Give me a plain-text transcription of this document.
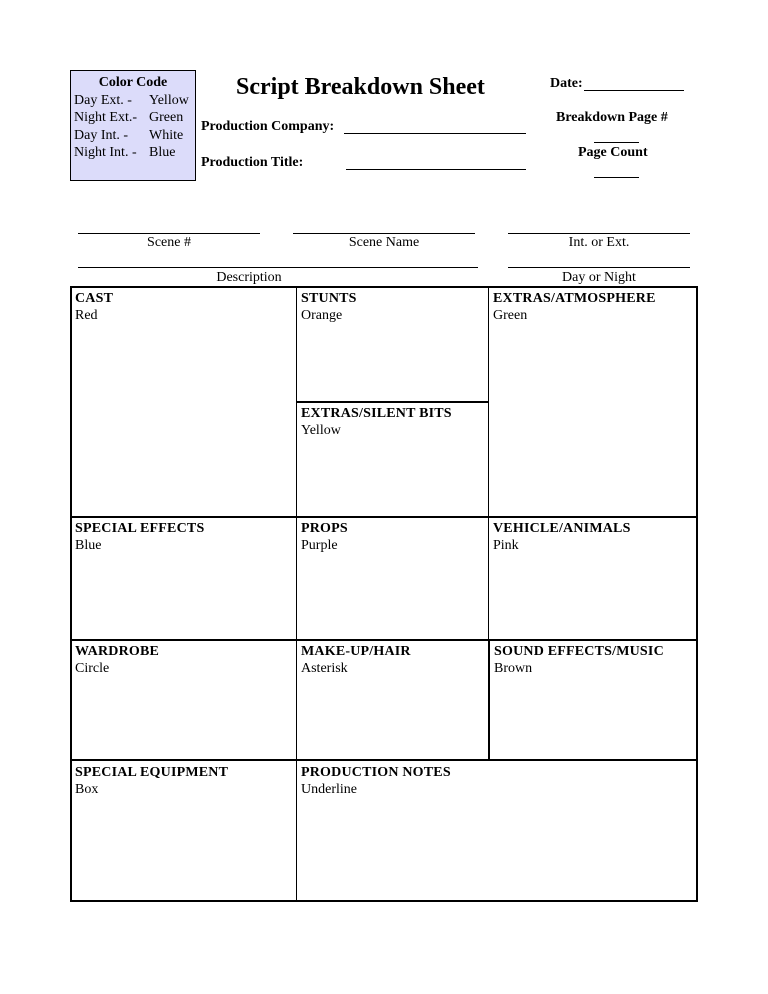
Color Code
Day Ext. - Yellow
Night Ext.- Green
Day Int. - White
Night Int. - Blue
Script Breakdown Sheet
Production Company:
Production Title:
Date:
Breakdown Page #
Page Count
Scene #	Scene Name	Int. or Ext.
Description	Day or Night
CAST
Red
STUNTS
Orange
EXTRAS/SILENT BITS
Yellow
EXTRAS/ATMOSPHERE
Green
SPECIAL EFFECTS
Blue
PROPS
Purple
VEHICLE/ANIMALS
Pink
WARDROBE
Circle
MAKE-UP/HAIR
Asterisk
SOUND EFFECTS/MUSIC
Brown
SPECIAL EQUIPMENT
Box
PRODUCTION NOTES
Underline
